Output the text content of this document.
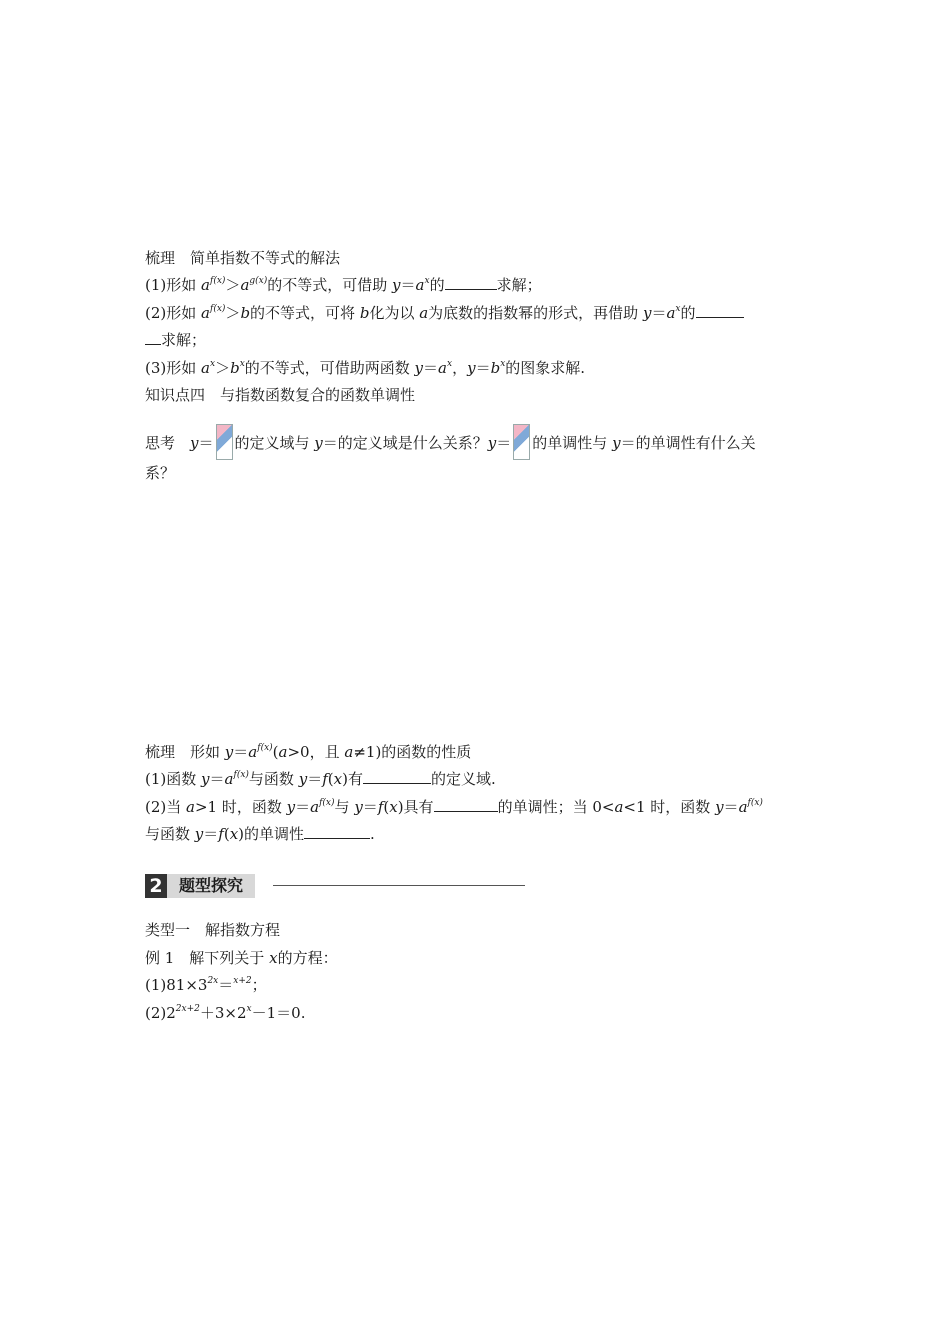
梳理　简单指数不等式的解法
(1)形如 $a^{f(x)}>a^{g(x)}$的不等式，可借助 $y=a^x$的	求解；
(2)形如 $a^{f(x)}>b$的不等式，可将 b化为以 a为底数的指数幂的形式，再借助 $y=a^x$的
求解；
(3)形如 $a^x>b^x$的不等式，可借助两函数 $y=a^x$，$y=b^x$的图象求解.
知识点四　与指数函数复合的函数单调性
思考　y＝ 的定义域与 y＝的定义域是什么关系？y＝ 的单调性与 y＝的单调性有什么关
系？
梳理　形如 $y=a^{f(x)}(a>0$，且 a≠1)的函数的性质
(1)函数 $y=a^{f(x)}$与函数 y＝f(x)有	的定义域.
(2)当 a>1 时，函数 $y=a^{f(x)}$与 y＝f(x)具有	的单调性；当 0<a<1 时，函数 $y=a^{f(x)}$
与函数 y＝f(x)的单调性	.
2	题型探究
类型一　解指数方程
例 1　解下列关于 x的方程：
$(1)81\times 3^{2x}=^{x+2}$；
$(2)2^{2x+2}+3\times 2^x-1=0$.
